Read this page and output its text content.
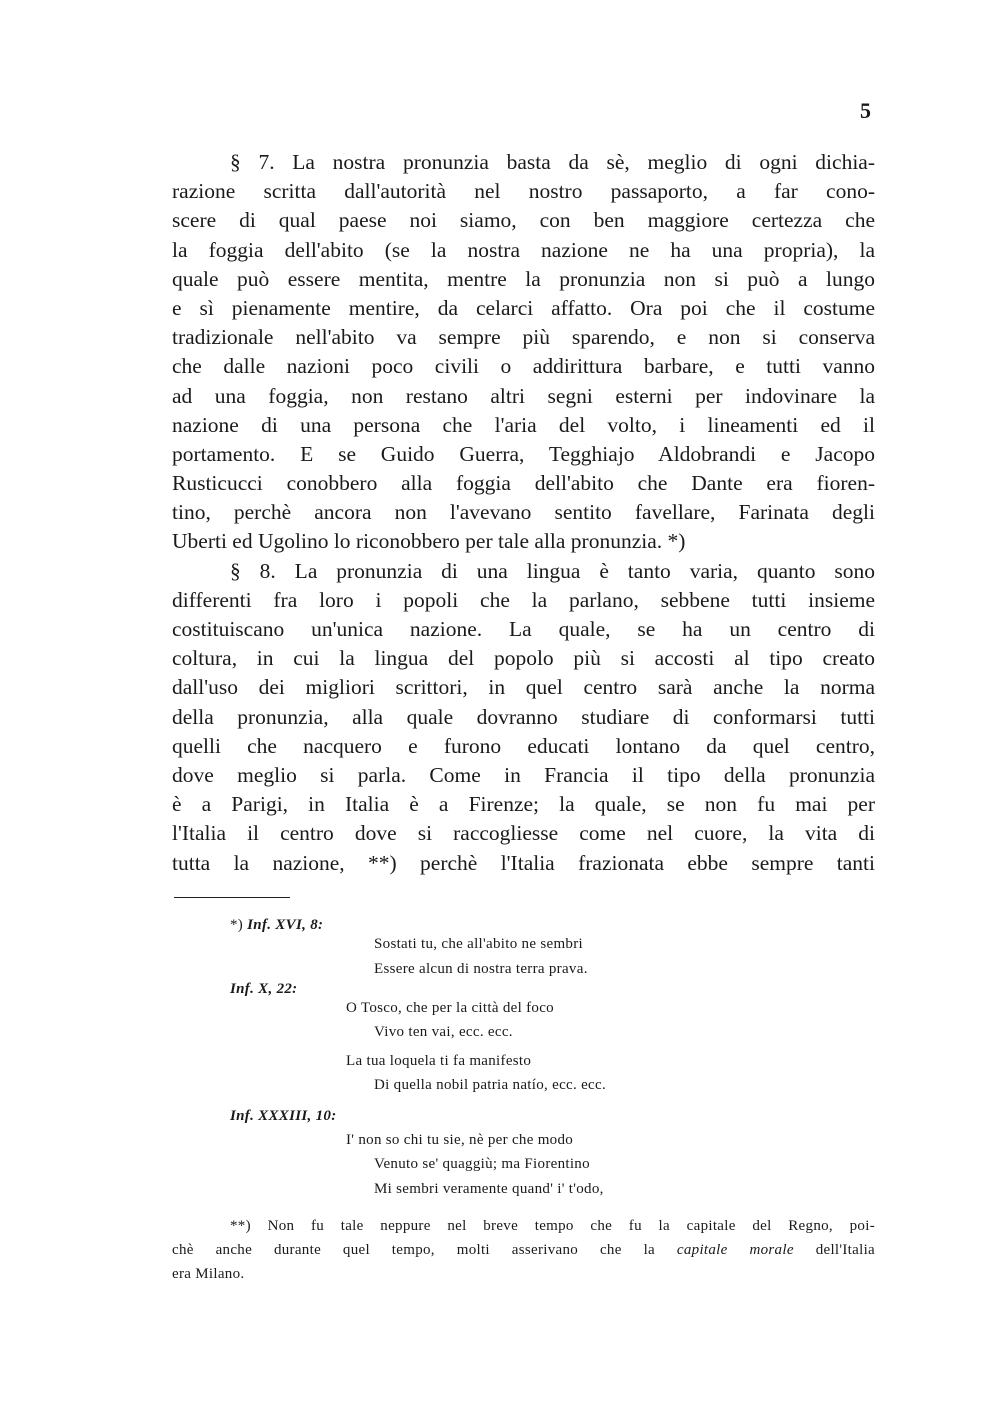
5
§ 7. La nostra pronunzia basta da sè, meglio di ogni dichia-
razione scritta dall'autorità nel nostro passaporto, a far cono-
scere di qual paese noi siamo, con ben maggiore certezza che
la foggia dell'abito (se la nostra nazione ne ha una propria), la
quale può essere mentita, mentre la pronunzia non si può a lungo
e sì pienamente mentire, da celarci affatto. Ora poi che il costume
tradizionale nell'abito va sempre più sparendo, e non si conserva
che dalle nazioni poco civili o addirittura barbare, e tutti vanno
ad una foggia, non restano altri segni esterni per indovinare la
nazione di una persona che l'aria del volto, i lineamenti ed il
portamento. E se Guido Guerra, Tegghiajo Aldobrandi e Jacopo
Rusticucci conobbero alla foggia dell'abito che Dante era fioren-
tino, perchè ancora non l'avevano sentito favellare, Farinata degli
Uberti ed Ugolino lo riconobbero per tale alla pronunzia. *)
§ 8. La pronunzia di una lingua è tanto varia, quanto sono
differenti fra loro i popoli che la parlano, sebbene tutti insieme
costituiscano un'unica nazione. La quale, se ha un centro di
coltura, in cui la lingua del popolo più si accosti al tipo creato
dall'uso dei migliori scrittori, in quel centro sarà anche la norma
della pronunzia, alla quale dovranno studiare di conformarsi tutti
quelli che nacquero e furono educati lontano da quel centro,
dove meglio si parla. Come in Francia il tipo della pronunzia
è a Parigi, in Italia è a Firenze; la quale, se non fu mai per
l'Italia il centro dove si raccogliesse come nel cuore, la vita di
tutta la nazione, **) perchè l'Italia frazionata ebbe sempre tanti
*) Inf. XVI, 8:
Sostati tu, che all'abito ne sembri
Essere alcun di nostra terra prava.
Inf. X, 22:
O Tosco, che per la città del foco
Vivo ten vai, ecc. ecc.
La tua loquela ti fa manifesto
Di quella nobil patria natío, ecc. ecc.
Inf. XXXIII, 10:
I' non so chi tu sie, nè per che modo
Venuto se' quaggiù; ma Fiorentino
Mi sembri veramente quand' i' t'odo,
**) Non fu tale neppure nel breve tempo che fu la capitale del Regno, poi-
chè anche durante quel tempo, molti asserivano che la capitale morale dell'Italia
era Milano.
